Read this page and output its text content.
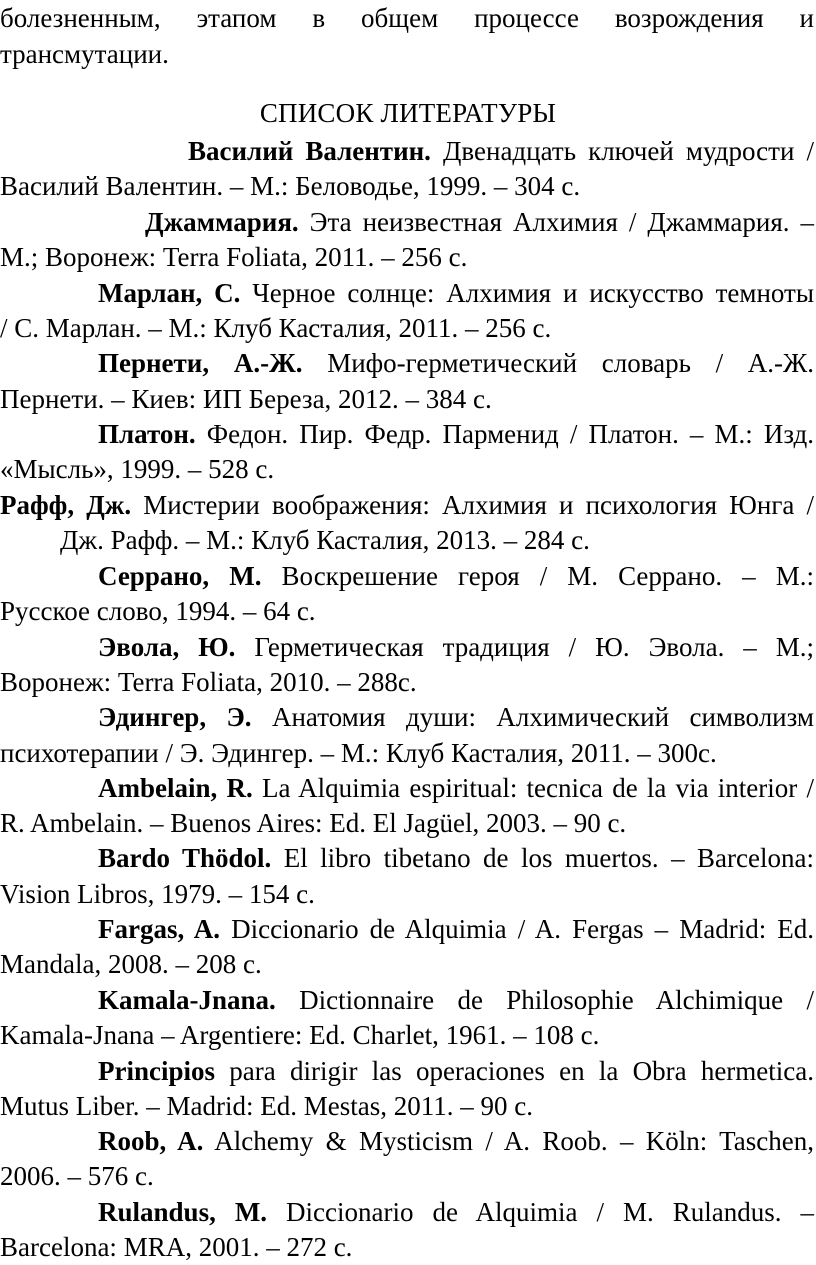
болезненным, этапом в общем процессе возрождения и
трансмутации.
СПИСОК ЛИТЕРАТУРЫ
Василий Валентин. Двенадцать ключей мудрости /
Василий Валентин. – М.: Беловодье, 1999. – 304 с.
Джаммария. Эта неизвестная Алхимия / Джаммария. –
М.; Воронеж: Terra Foliata, 2011. – 256 с.
Марлан, С. Черное солнце: Алхимия и искусство темноты
/ С. Марлан. – М.: Клуб Касталия, 2011. – 256 с.
Пернети, А.-Ж. Мифо-герметический словарь / А.-Ж.
Пернети. – Киев: ИП Береза, 2012. – 384 с.
Платон. Федон. Пир. Федр. Парменид / Платон. – М.: Изд.
«Мысль», 1999. – 528 с.
Рафф, Дж. Мистерии воображения: Алхимия и психология Юнга /
Дж. Рафф. – М.: Клуб Касталия, 2013. – 284 с.
Серрано, М. Воскрешение героя / М. Серрано. – М.:
Русское слово, 1994. – 64 с.
Эвола, Ю. Герметическая традиция / Ю. Эвола. – М.;
Воронеж: Terra Foliata, 2010. – 288с.
Эдингер, Э. Анатомия души: Алхимический символизм
психотерапии / Э. Эдингер. – М.: Клуб Касталия, 2011. – 300с.
Ambelain, R. La Alquimia espiritual: tecnica de la via interior /
R. Ambelain. – Buenos Aires: Ed. El Jagüel, 2003. – 90 c.
Bardo Thödol. El libro tibetano de los muertos. – Barcelona:
Vision Libros, 1979. – 154 c.
Fargas, A. Diccionario de Alquimia / A. Fergas – Madrid: Ed.
Mandala, 2008. – 208 c.
Kamala-Jnana. Dictionnaire de Philosophie Alchimique /
Kamala-Jnana – Argentiere: Ed. Charlet, 1961. – 108 c.
Principios para dirigir las operaciones en la Obra hermetica.
Mutus Liber. – Madrid: Ed. Mestas, 2011. – 90 c.
Roob, A. Alchemy & Mysticism / A. Roob. – Köln: Taschen,
2006. – 576 c.
Rulandus, M. Diccionario de Alquimia / M. Rulandus. –
Barcelona: MRA, 2001. – 272 c.
